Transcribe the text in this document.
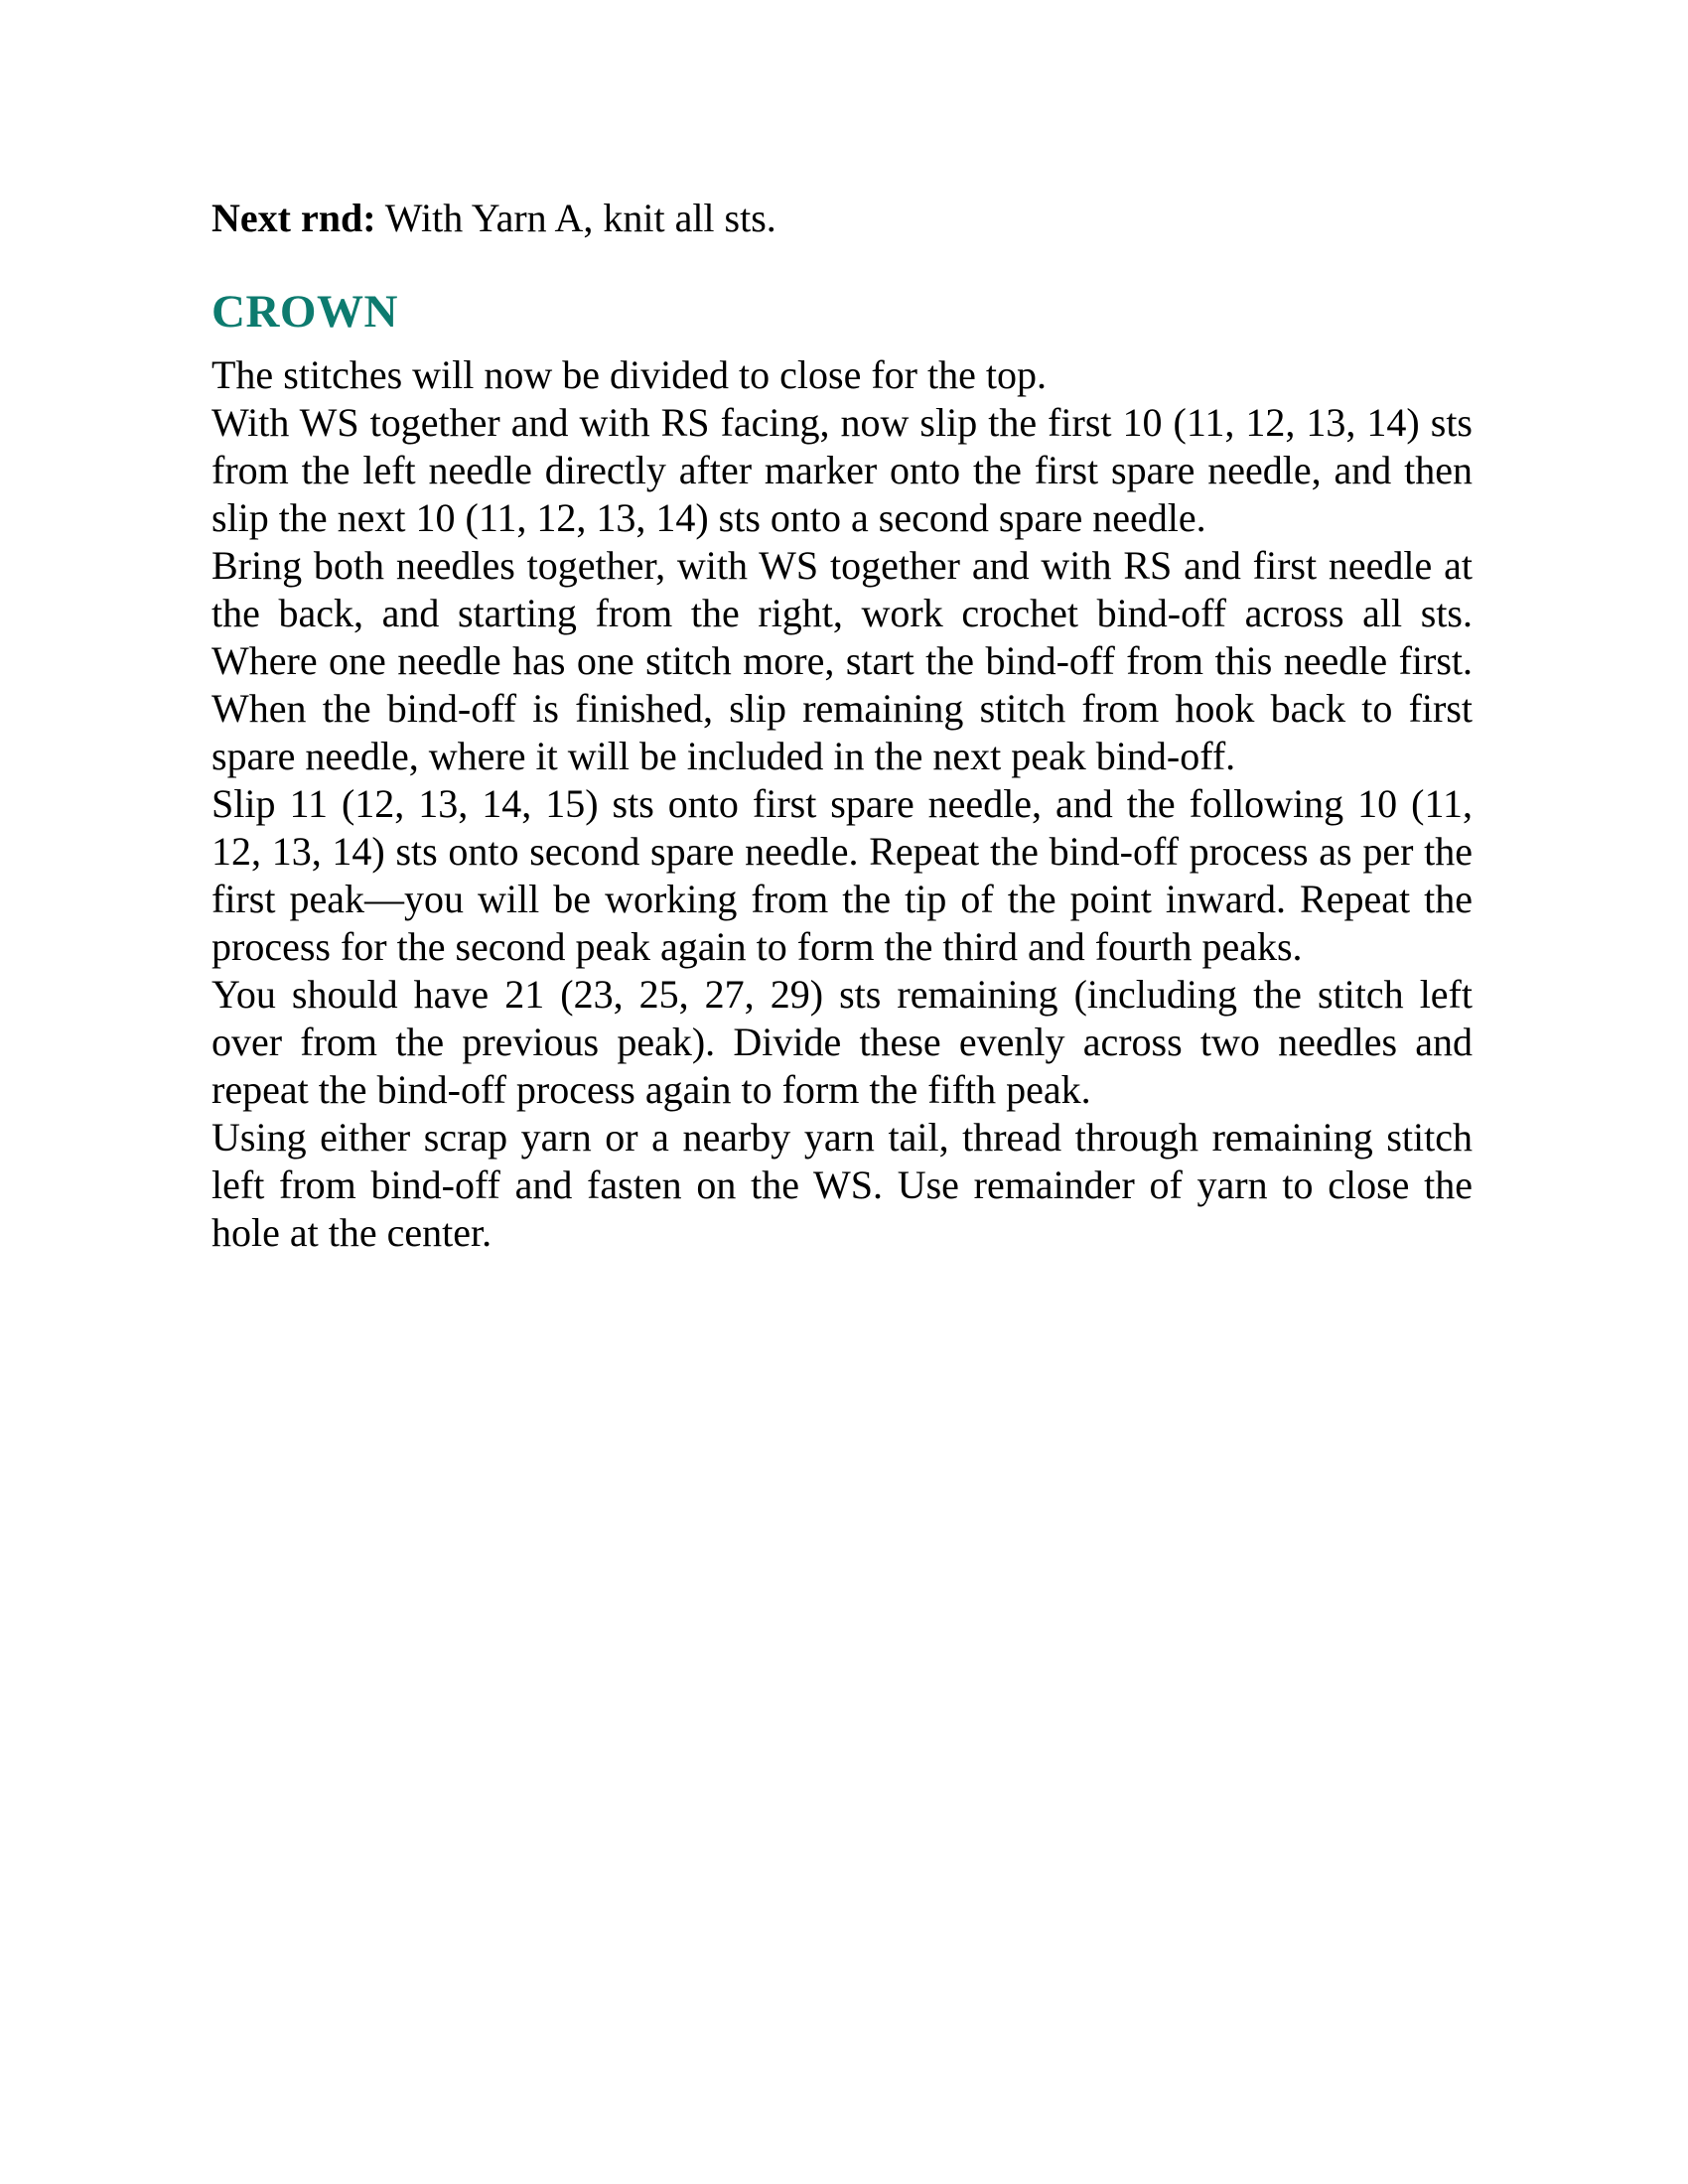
Next rnd: With Yarn A, knit all sts.

CROWN

The stitches will now be divided to close for the top.

With WS together and with RS facing, now slip the first 10 (11, 12, 13, 14) sts from the left needle directly after marker onto the first spare needle, and then slip the next 10 (11, 12, 13, 14) sts onto a second spare needle.

Bring both needles together, with WS together and with RS and first needle at the back, and starting from the right, work crochet bind-off across all sts. Where one needle has one stitch more, start the bind-off from this needle first. When the bind-off is finished, slip remaining stitch from hook back to first spare needle, where it will be included in the next peak bind-off.

Slip 11 (12, 13, 14, 15) sts onto first spare needle, and the following 10 (11, 12, 13, 14) sts onto second spare needle. Repeat the bind-off process as per the first peak—you will be working from the tip of the point inward. Repeat the process for the second peak again to form the third and fourth peaks.

You should have 21 (23, 25, 27, 29) sts remaining (including the stitch left over from the previous peak). Divide these evenly across two needles and repeat the bind-off process again to form the fifth peak.

Using either scrap yarn or a nearby yarn tail, thread through remaining stitch left from bind-off and fasten on the WS. Use remainder of yarn to close the hole at the center.
